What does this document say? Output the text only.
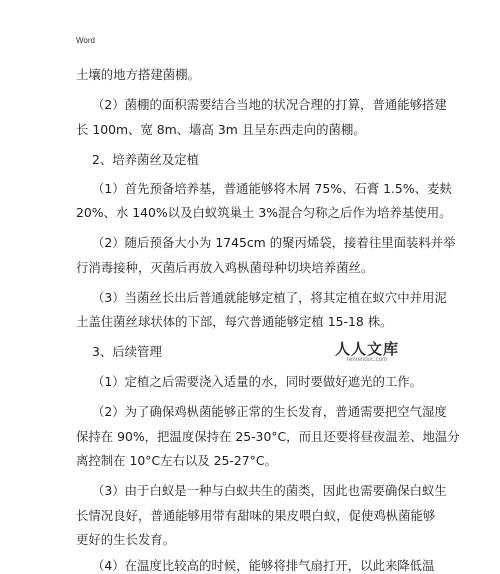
Word
土壤的地方搭建菌棚。
（2）菌棚的面积需要结合当地的状况合理的打算，普通能够搭建
长 100m、宽 8m、墙高 3m 且呈东西走向的菌棚。
2、培养菌丝及定植
（1）首先预备培养基，普通能够将木屑 75%、石膏 1.5%、麦麸
20%、水 140%以及白蚁筑巢土 3%混合匀称之后作为培养基使用。
（2）随后预备大小为 1745cm 的聚丙烯袋，接着往里面装料并举
行消毒接种，灭菌后再放入鸡枞菌母种切块培养菌丝。
（3）当菌丝长出后普通就能够定植了，将其定植在蚁穴中并用泥
土盖住菌丝球状体的下部，每穴普通能够定植 15-18 株。
3、后续管理
（1）定植之后需要浇入适量的水，同时要做好遮光的工作。
（2）为了确保鸡枞菌能够正常的生长发育，普通需要把空气湿度
保持在 90%，把温度保持在 25-30°C，而且还要将昼夜温差、地温分
离控制在 10°C左右以及 25-27°C。
（3）由于白蚁是一种与白蚁共生的菌类，因此也需要确保白蚁生
长情况良好，普通能够用带有甜味的果皮喂白蚁，促使鸡枞菌能够
更好的生长发育。
（4）在温度比较高的时候，能够将排气扇打开，以此来降低温
人人文库
renrendoc.com
